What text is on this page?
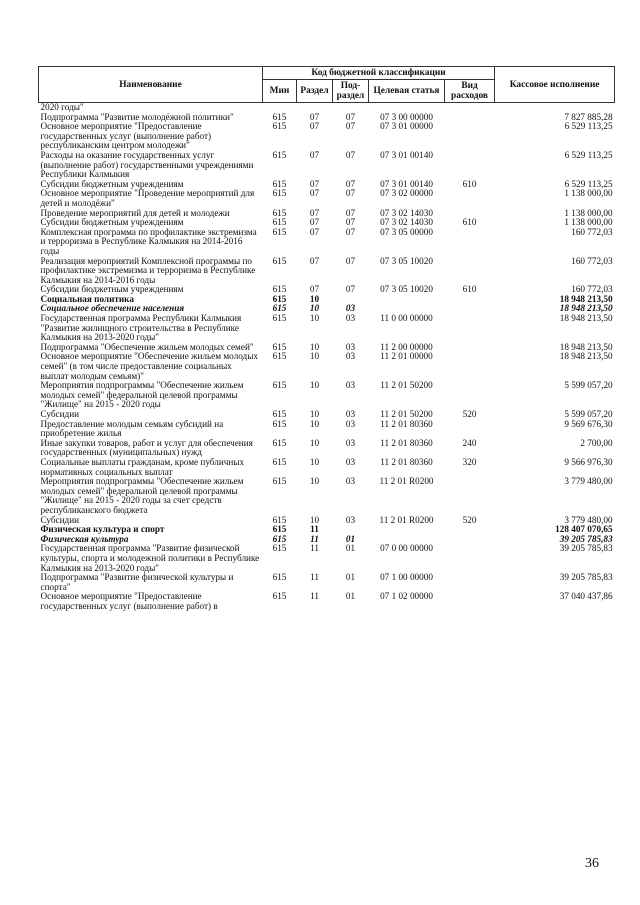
Наименование	Код бюджетной классификации					Кассовое исполнение
	Мин	Раздел	Под-раздел	Целевая статья	Вид расходов	
2020 годы"						
Подпрограмма "Развитие молодёжной политики"	615	07	07	07 3 00 00000		7 827 885,28
Основное мероприятие "Предоставление государственных услуг (выполнение работ) республиканским центром молодежи"	615	07	07	07 3 01 00000		6 529 113,25
Расходы на оказание государственных услуг (выполнение работ) государственными учреждениями Республики Калмыкия	615	07	07	07 3 01 00140		6 529 113,25
Субсидии бюджетным учреждениям	615	07	07	07 3 01 00140	610	6 529 113,25
Основное мероприятие "Проведение мероприятий для детей и молодёжи"	615	07	07	07 3 02 00000		1 138 000,00
Проведение мероприятий для детей и молодежи	615	07	07	07 3 02 14030		1 138 000,00
Субсидии бюджетным учреждениям	615	07	07	07 3 02 14030	610	1 138 000,00
Комплексная программа по профилактике экстремизма и терроризма в Республике Калмыкия на 2014-2016 годы	615	07	07	07 3 05 00000		160 772,03
Реализация мероприятий Комплексной программы по профилактике экстремизма и терроризма в Республике Калмыкия на 2014-2016 годы	615	07	07	07 3 05 10020		160 772,03
Субсидии бюджетным учреждениям	615	07	07	07 3 05 10020	610	160 772,03
Социальная политика	615	10				18 948 213,50
Социальное обеспечение населения	615	10	03			18 948 213,50
Государственная программа Республики Калмыкия "Развитие жилищного строительства в Республике Калмыкия на 2013-2020 годы"	615	10	03	11 0 00 00000		18 948 213,50
Подпрограмма "Обеспечение жильем молодых семей"	615	10	03	11 2 00 00000		18 948 213,50
Основное мероприятие "Обеспечение жильем молодых семей" (в том числе предоставление социальных выплат молодым семьям)"	615	10	03	11 2 01 00000		18 948 213,50
Мероприятия подпрограммы "Обеспечение жильем молодых семей" федеральной целевой программы "Жилище" на 2015 - 2020 годы	615	10	03	11 2 01 50200		5 599 057,20
Субсидии	615	10	03	11 2 01 50200	520	5 599 057,20
Предоставление молодым семьям субсидий на приобретение жилья	615	10	03	11 2 01 80360		9 569 676,30
Иные закупки товаров, работ и услуг для обеспечения государственных (муниципальных) нужд	615	10	03	11 2 01 80360	240	2 700,00
Социальные выплаты гражданам, кроме публичных нормативных социальных выплат	615	10	03	11 2 01 80360	320	9 566 976,30
Мероприятия подпрограммы "Обеспечение жильем молодых семей" федеральной целевой программы "Жилище" на 2015 - 2020 годы за счет средств республиканского бюджета	615	10	03	11 2 01 R0200		3 779 480,00
Субсидии	615	10	03	11 2 01 R0200	520	3 779 480,00
Физическая культура и спорт	615	11				128 407 070,65
Физическая культура	615	11	01			39 205 785,83
Государственная программа "Развитие физической культуры, спорта и молодежной политики в Республике Калмыкия на 2013-2020 годы"	615	11	01	07 0 00 00000		39 205 785,83
Подпрограмма "Развитие физической культуры и спорта"	615	11	01	07 1 00 00000		39 205 785,83
Основное мероприятие "Предоставление государственных услуг (выполнение работ) в	615	11	01	07 1 02 00000		37 040 437,86
36
